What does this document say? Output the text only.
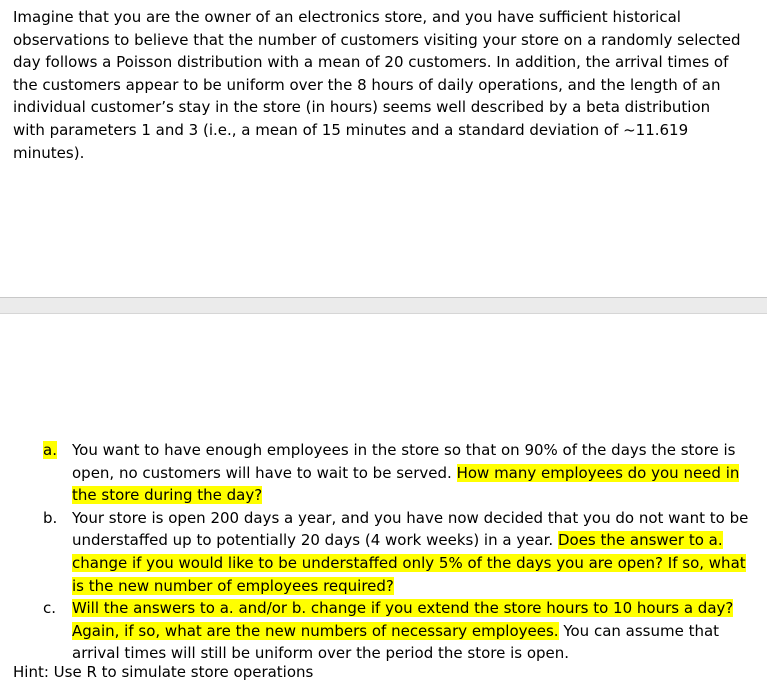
Imagine that you are the owner of an electronics store, and you have sufficient historical observations to believe that the number of customers visiting your store on a randomly selected day follows a Poisson distribution with a mean of 20 customers. In addition, the arrival times of the customers appear to be uniform over the 8 hours of daily operations, and the length of an individual customer’s stay in the store (in hours) seems well described by a beta distribution with parameters 1 and 3 (i.e., a mean of 15 minutes and a standard deviation of ~11.619 minutes).

a.	You want to have enough employees in the store so that on 90% of the days the store is open, no customers will have to wait to be served. How many employees do you need in the store during the day?
b. Your store is open 200 days a year, and you have now decided that you do not want to be understaffed up to potentially 20 days (4 work weeks) in a year. Does the answer to a. change if you would like to be understaffed only 5% of the days you are open? If so, what is the new number of employees required?
c.	Will the answers to a. and/or b. change if you extend the store hours to 10 hours a day? Again, if so, what are the new numbers of necessary employees. You can assume that arrival times will still be uniform over the period the store is open.
Hint: Use R to simulate store operations
